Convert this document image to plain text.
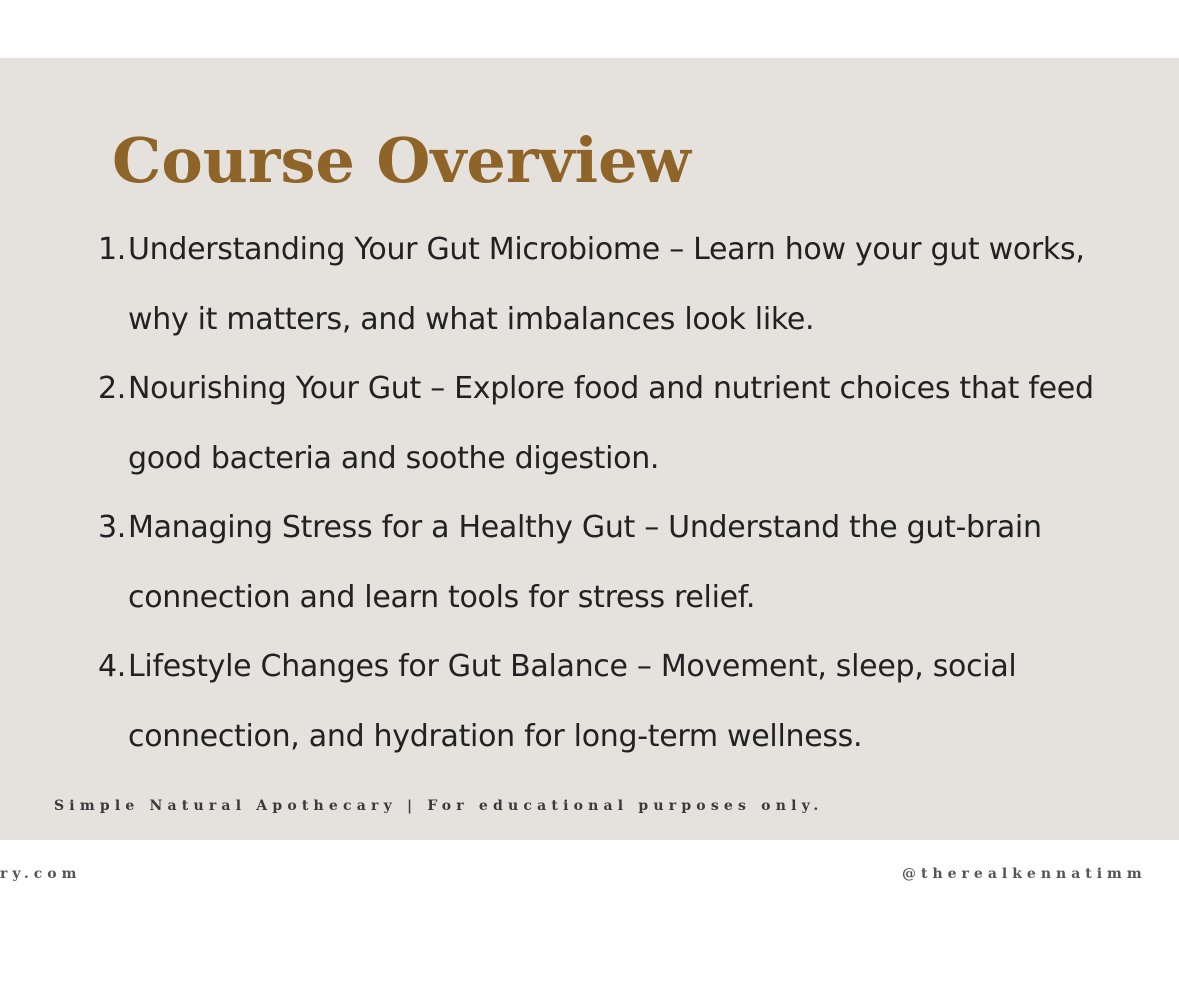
Course Overview
1. Understanding Your Gut Microbiome – Learn how your gut works, why it matters, and what imbalances look like.
2. Nourishing Your Gut – Explore food and nutrient choices that feed good bacteria and soothe digestion.
3. Managing Stress for a Healthy Gut – Understand the gut-brain connection and learn tools for stress relief.
4. Lifestyle Changes for Gut Balance – Movement, sleep, social connection, and hydration for long-term wellness.

Simple Natural Apothecary | For educational purposes only.

ry.com	@therealkennatimm
